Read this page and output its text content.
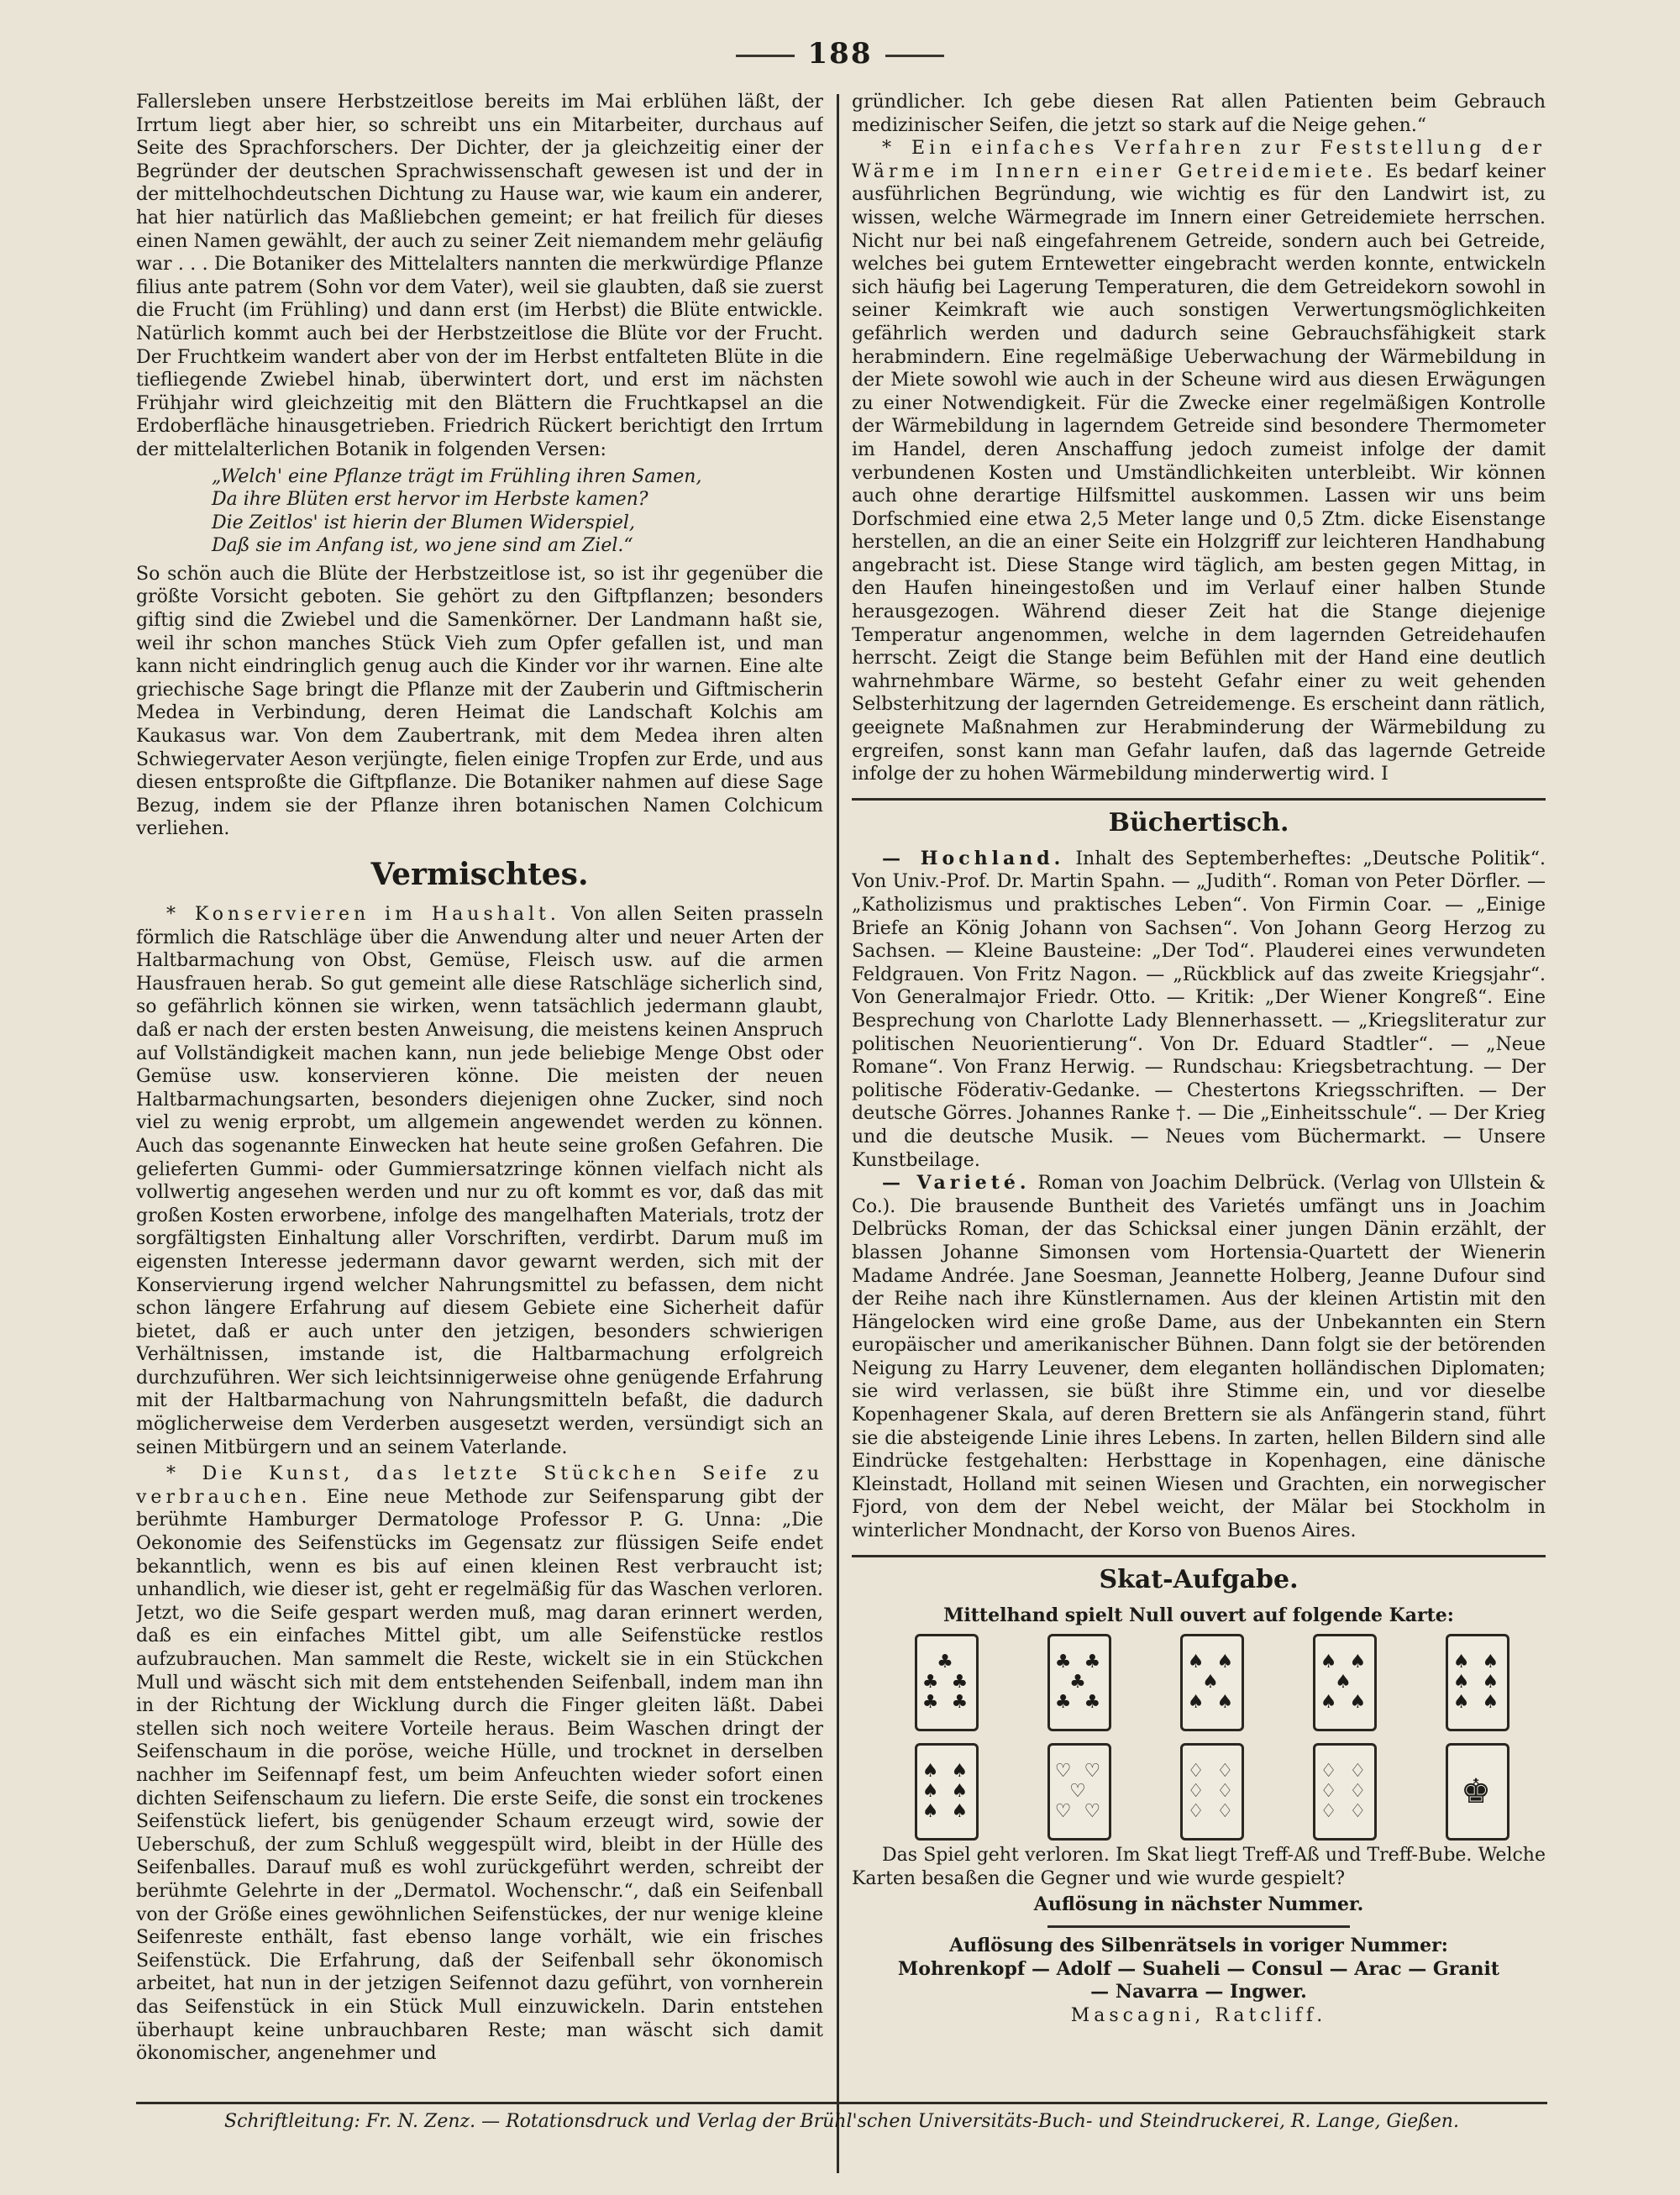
188

Fallersleben unsere Herbstzeitlose bereits im Mai erblühen läßt, der Irrtum liegt aber hier, so schreibt uns ein Mitarbeiter, durchaus auf Seite des Sprachforschers. Der Dichter, der ja gleichzeitig einer der Begründer der deutschen Sprachwissenschaft gewesen ist und der in der mittelhochdeutschen Dichtung zu Hause war, wie kaum ein anderer, hat hier natürlich das Maßliebchen gemeint; er hat freilich für dieses einen Namen gewählt, der auch zu seiner Zeit niemandem mehr geläufig war . . . Die Botaniker des Mittelalters nannten die merkwürdige Pflanze filius ante patrem (Sohn vor dem Vater), weil sie glaubten, daß sie zuerst die Frucht (im Frühling) und dann erst (im Herbst) die Blüte entwickle. Natürlich kommt auch bei der Herbstzeitlose die Blüte vor der Frucht. Der Fruchtkeim wandert aber von der im Herbst entfalteten Blüte in die tiefliegende Zwiebel hinab, überwintert dort, und erst im nächsten Frühjahr wird gleichzeitig mit den Blättern die Fruchtkapsel an die Erdoberfläche hinausgetrieben. Friedrich Rückert berichtigt den Irrtum der mittelalterlichen Botanik in folgenden Versen:

„Welch' eine Pflanze trägt im Frühling ihren Samen,
Da ihre Blüten erst hervor im Herbste kamen?
Die Zeitlos' ist hierin der Blumen Widerspiel,
Daß sie im Anfang ist, wo jene sind am Ziel.“

So schön auch die Blüte der Herbstzeitlose ist, so ist ihr gegenüber die größte Vorsicht geboten. Sie gehört zu den Giftpflanzen; besonders giftig sind die Zwiebel und die Samenkörner. Der Landmann haßt sie, weil ihr schon manches Stück Vieh zum Opfer gefallen ist, und man kann nicht eindringlich genug auch die Kinder vor ihr warnen. Eine alte griechische Sage bringt die Pflanze mit der Zauberin und Giftmischerin Medea in Verbindung, deren Heimat die Landschaft Kolchis am Kaukasus war. Von dem Zaubertrank, mit dem Medea ihren alten Schwiegervater Aeson verjüngte, fielen einige Tropfen zur Erde, und aus diesen entsproßte die Giftpflanze. Die Botaniker nahmen auf diese Sage Bezug, indem sie der Pflanze ihren botanischen Namen Colchicum verliehen.

Vermischtes.

* Konservieren im Haushalt. Von allen Seiten prasseln förmlich die Ratschläge über die Anwendung alter und neuer Arten der Haltbarmachung von Obst, Gemüse, Fleisch usw. auf die armen Hausfrauen herab. So gut gemeint alle diese Ratschläge sicherlich sind, so gefährlich können sie wirken, wenn tatsächlich jedermann glaubt, daß er nach der ersten besten Anweisung, die meistens keinen Anspruch auf Vollständigkeit machen kann, nun jede beliebige Menge Obst oder Gemüse usw. konservieren könne. Die meisten der neuen Haltbarmachungsarten, besonders diejenigen ohne Zucker, sind noch viel zu wenig erprobt, um allgemein angewendet werden zu können. Auch das sogenannte Einwecken hat heute seine großen Gefahren. Die gelieferten Gummi- oder Gummiersatzringe können vielfach nicht als vollwertig angesehen werden und nur zu oft kommt es vor, daß das mit großen Kosten erworbene, infolge des mangelhaften Materials, trotz der sorgfältigsten Einhaltung aller Vorschriften, verdirbt. Darum muß im eigensten Interesse jedermann davor gewarnt werden, sich mit der Konservierung irgend welcher Nahrungsmittel zu befassen, dem nicht schon längere Erfahrung auf diesem Gebiete eine Sicherheit dafür bietet, daß er auch unter den jetzigen, besonders schwierigen Verhältnissen, imstande ist, die Haltbarmachung erfolgreich durchzuführen. Wer sich leichtsinnigerweise ohne genügende Erfahrung mit der Haltbarmachung von Nahrungsmitteln befaßt, die dadurch möglicherweise dem Verderben ausgesetzt werden, versündigt sich an seinen Mitbürgern und an seinem Vaterlande.

* Die Kunst, das letzte Stückchen Seife zu verbrauchen. Eine neue Methode zur Seifensparung gibt der berühmte Hamburger Dermatologe Professor P. G. Unna: „Die Oekonomie des Seifenstücks im Gegensatz zur flüssigen Seife endet bekanntlich, wenn es bis auf einen kleinen Rest verbraucht ist; unhandlich, wie dieser ist, geht er regelmäßig für das Waschen verloren. Jetzt, wo die Seife gespart werden muß, mag daran erinnert werden, daß es ein einfaches Mittel gibt, um alle Seifenstücke restlos aufzubrauchen. Man sammelt die Reste, wickelt sie in ein Stückchen Mull und wäscht sich mit dem entstehenden Seifenball, indem man ihn in der Richtung der Wicklung durch die Finger gleiten läßt. Dabei stellen sich noch weitere Vorteile heraus. Beim Waschen dringt der Seifenschaum in die poröse, weiche Hülle, und trocknet in derselben nachher im Seifennapf fest, um beim Anfeuchten wieder sofort einen dichten Seifenschaum zu liefern. Die erste Seife, die sonst ein trockenes Seifenstück liefert, bis genügender Schaum erzeugt wird, sowie der Ueberschuß, der zum Schluß weggespült wird, bleibt in der Hülle des Seifenballes. Darauf muß es wohl zurückgeführt werden, schreibt der berühmte Gelehrte in der „Dermatol. Wochenschr.“, daß ein Seifenball von der Größe eines gewöhnlichen Seifenstückes, der nur wenige kleine Seifenreste enthält, fast ebenso lange vorhält, wie ein frisches Seifenstück. Die Erfahrung, daß der Seifenball sehr ökonomisch arbeitet, hat nun in der jetzigen Seifennot dazu geführt, von vornherein das Seifenstück in ein Stück Mull einzuwickeln. Darin entstehen überhaupt keine unbrauchbaren Reste; man wäscht sich damit ökonomischer, angenehmer und

gründlicher. Ich gebe diesen Rat allen Patienten beim Gebrauch medizinischer Seifen, die jetzt so stark auf die Neige gehen.“

* Ein einfaches Verfahren zur Feststellung der Wärme im Innern einer Getreidemiete. Es bedarf keiner ausführlichen Begründung, wie wichtig es für den Landwirt ist, zu wissen, welche Wärmegrade im Innern einer Getreidemiete herrschen. Nicht nur bei naß eingefahrenem Getreide, sondern auch bei Getreide, welches bei gutem Erntewetter eingebracht werden konnte, entwickeln sich häufig bei Lagerung Temperaturen, die dem Getreidekorn sowohl in seiner Keimkraft wie auch sonstigen Verwertungsmöglichkeiten gefährlich werden und dadurch seine Gebrauchsfähigkeit stark herabmindern. Eine regelmäßige Ueberwachung der Wärmebildung in der Miete sowohl wie auch in der Scheune wird aus diesen Erwägungen zu einer Notwendigkeit. Für die Zwecke einer regelmäßigen Kontrolle der Wärmebildung in lagerndem Getreide sind besondere Thermometer im Handel, deren Anschaffung jedoch zumeist infolge der damit verbundenen Kosten und Umständlichkeiten unterbleibt. Wir können auch ohne derartige Hilfsmittel auskommen. Lassen wir uns beim Dorfschmied eine etwa 2,5 Meter lange und 0,5 Ztm. dicke Eisenstange herstellen, an die an einer Seite ein Holzgriff zur leichteren Handhabung angebracht ist. Diese Stange wird täglich, am besten gegen Mittag, in den Haufen hineingestoßen und im Verlauf einer halben Stunde herausgezogen. Während dieser Zeit hat die Stange diejenige Temperatur angenommen, welche in dem lagernden Getreidehaufen herrscht. Zeigt die Stange beim Befühlen mit der Hand eine deutlich wahrnehmbare Wärme, so besteht Gefahr einer zu weit gehenden Selbsterhitzung der lagernden Getreidemenge. Es erscheint dann rätlich, geeignete Maßnahmen zur Herabminderung der Wärmebildung zu ergreifen, sonst kann man Gefahr laufen, daß das lagernde Getreide infolge der zu hohen Wärmebildung minderwertig wird. I

Büchertisch.

— Hochland. Inhalt des Septemberheftes: „Deutsche Politik“. Von Univ.-Prof. Dr. Martin Spahn. — „Judith“. Roman von Peter Dörfler. — „Katholizismus und praktisches Leben“. Von Firmin Coar. — „Einige Briefe an König Johann von Sachsen“. Von Johann Georg Herzog zu Sachsen. — Kleine Bausteine: „Der Tod“. Plauderei eines verwundeten Feldgrauen. Von Fritz Nagon. — „Rückblick auf das zweite Kriegsjahr“. Von Generalmajor Friedr. Otto. — Kritik: „Der Wiener Kongreß“. Eine Besprechung von Charlotte Lady Blennerhassett. — „Kriegsliteratur zur politischen Neuorientierung“. Von Dr. Eduard Stadtler“. — „Neue Romane“. Von Franz Herwig. — Rundschau: Kriegsbetrachtung. — Der politische Föderativ-Gedanke. — Chestertons Kriegsschriften. — Der deutsche Görres. Johannes Ranke †. — Die „Einheitsschule“. — Der Krieg und die deutsche Musik. — Neues vom Büchermarkt. — Unsere Kunstbeilage.

— Varieté. Roman von Joachim Delbrück. (Verlag von Ullstein & Co.). Die brausende Buntheit des Varietés umfängt uns in Joachim Delbrücks Roman, der das Schicksal einer jungen Dänin erzählt, der blassen Johanne Simonsen vom Hortensia-Quartett der Wienerin Madame Andrée. Jane Soesman, Jeannette Holberg, Jeanne Dufour sind der Reihe nach ihre Künstlernamen. Aus der kleinen Artistin mit den Hängelocken wird eine große Dame, aus der Unbekannten ein Stern europäischer und amerikanischer Bühnen. Dann folgt sie der betörenden Neigung zu Harry Leuvener, dem eleganten holländischen Diplomaten; sie wird verlassen, sie büßt ihre Stimme ein, und vor dieselbe Kopenhagener Skala, auf deren Brettern sie als Anfängerin stand, führt sie die absteigende Linie ihres Lebens. In zarten, hellen Bildern sind alle Eindrücke festgehalten: Herbsttage in Kopenhagen, eine dänische Kleinstadt, Holland mit seinen Wiesen und Grachten, ein norwegischer Fjord, von dem der Nebel weicht, der Mälar bei Stockholm in winterlicher Mondnacht, der Korso von Buenos Aires.

Skat-Aufgabe.

Mittelhand spielt Null ouvert auf folgende Karte:

♣
♣ ♣
♣ ♣
♣ ♣
♣
♣ ♣
♠ ♠
♠
♠ ♠
♠ ♠
♠
♠ ♠
♠ ♠
♠ ♠
♠ ♠
♠ ♠
♠ ♠
♠ ♠
♡ ♡
♡
♡ ♡
♢ ♢
♢ ♢
♢ ♢
♢ ♢
♢ ♢
♢ ♢
♚

Das Spiel geht verloren. Im Skat liegt Treff-Aß und Treff-Bube. Welche Karten besaßen die Gegner und wie wurde gespielt?

Auflösung in nächster Nummer.

Auflösung des Silbenrätsels in voriger Nummer:

Mohrenkopf — Adolf — Suaheli — Consul — Arac — Granit

— Navarra — Ingwer.

Mascagni, Ratcliff.

Schriftleitung: Fr. N. Zenz. — Rotationsdruck und Verlag der Brühl'schen Universitäts-Buch- und Steindruckerei, R. Lange, Gießen.
